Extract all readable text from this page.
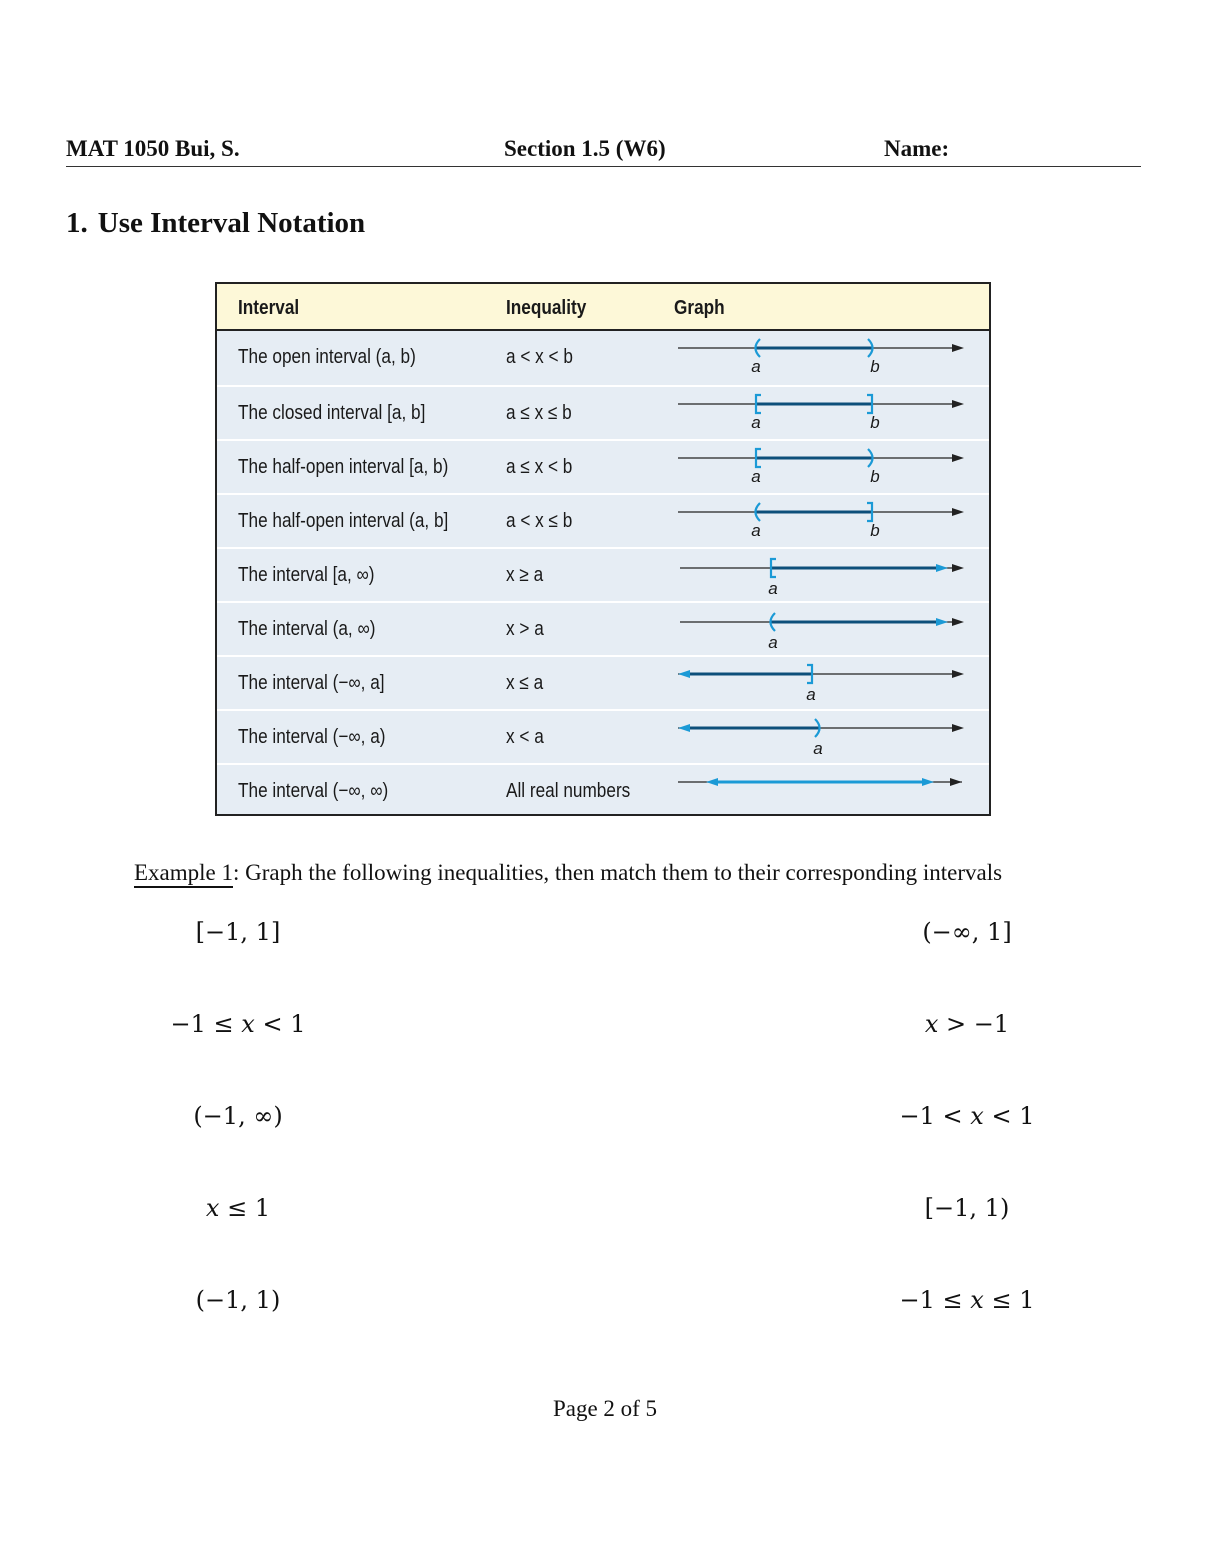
MAT 1050 Bui, S.	Section 1.5 (W6)	Name:
1. Use Interval Notation
Interval	Inequality	Graph
The open interval (a, b)	a < x < b	a	b
The closed interval [a, b]	a ≤ x ≤ b	a	b
The half-open interval [a, b)	a ≤ x < b	a	b
The half-open interval (a, b]	a < x ≤ b	a	b
The interval [a, ∞)	x ≥ a
a
The interval (a, ∞)	x > a
a
The interval (−∞, a]	x ≤ a
a
The interval (−∞, a)	x < a
a
The interval (−∞, ∞)	All real numbers
Example 1: Graph the following inequalities, then match them to their corresponding intervals
[−1, 1]
−1 ≤ x < 1
(−1, ∞)
x ≤ 1
(−1, 1)
(−∞, 1]
x > −1
−1 < x < 1
[−1, 1)
−1 ≤ x ≤ 1
Page 2 of 5
